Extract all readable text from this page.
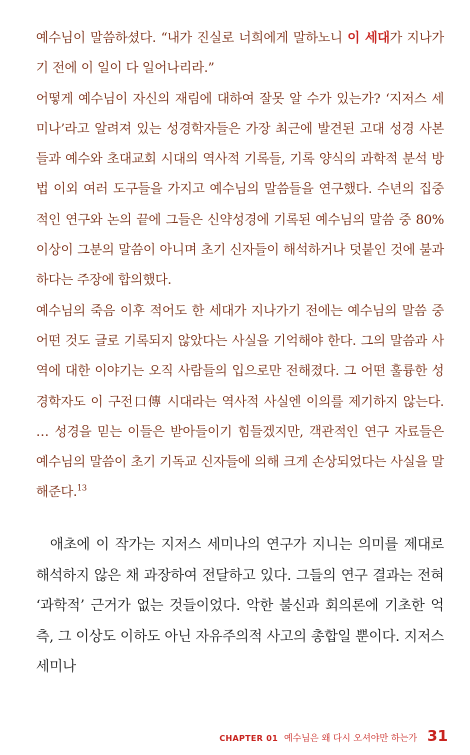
예수님이 말씀하셨다. “내가 진실로 너희에게 말하노니 이 세대가 지나가기 전에 이 일이 다 일어나리라.”

어떻게 예수님이 자신의 재림에 대하여 잘못 알 수가 있는가? ‘지저스 세미나’라고 알려져 있는 성경학자들은 가장 최근에 발견된 고대 성경 사본들과 예수와 초대교회 시대의 역사적 기록들, 기록 양식의 과학적 분석 방법 이외 여러 도구들을 가지고 예수님의 말씀들을 연구했다. 수년의 집중적인 연구와 논의 끝에 그들은 신약성경에 기록된 예수님의 말씀 중 80% 이상이 그분의 말씀이 아니며 초기 신자들이 해석하거나 덧붙인 것에 불과하다는 주장에 합의했다.

예수님의 죽음 이후 적어도 한 세대가 지나가기 전에는 예수님의 말씀 중 어떤 것도 글로 기록되지 않았다는 사실을 기억해야 한다. 그의 말씀과 사역에 대한 이야기는 오직 사람들의 입으로만 전해졌다. 그 어떤 훌륭한 성경학자도 이 구전口傳 시대라는 역사적 사실엔 이의를 제기하지 않는다. … 성경을 믿는 이들은 받아들이기 힘들겠지만, 객관적인 연구 자료들은 예수님의 말씀이 초기 기독교 신자들에 의해 크게 손상되었다는 사실을 말해준다.$^{13}$

애초에 이 작가는 지저스 세미나의 연구가 지니는 의미를 제대로 해석하지 않은 채 과장하여 전달하고 있다. 그들의 연구 결과는 전혀 ‘과학적’ 근거가 없는 것들이었다. 악한 불신과 회의론에 기초한 억측, 그 이상도 이하도 아닌 자유주의적 사고의 총합일 뿐이다. 지저스 세미나

CHAPTER 01 예수님은 왜 다시 오셔야만 하는가 31
